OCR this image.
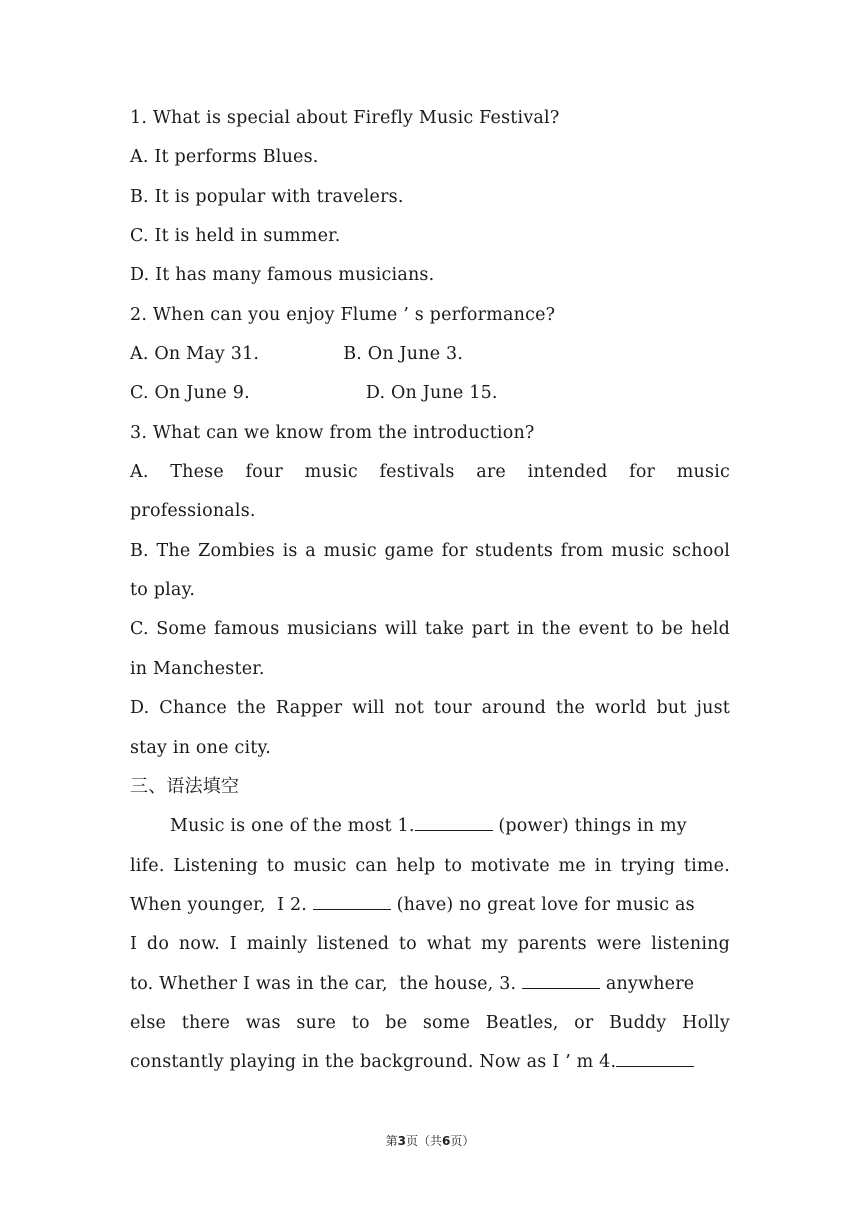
1. What is special about Firefly Music Festival?
A. It performs Blues.
B. It is popular with travelers.
C. It is held in summer.
D. It has many famous musicians.
2. When can you enjoy Flume ’ s performance?
A. On May 31.	B. On June 3.
C. On June 9.	D. On June 15.
3. What can we know from the introduction?
A. These four music festivals are intended for music
professionals.
B. The Zombies is a music game for students from music school
to play.
C. Some famous musicians will take part in the event to be held
in Manchester.
D. Chance the Rapper will not tour around the world but just
stay in one city.
三、语法填空
Music is one of the most 1.	(power) things in my
life. Listening to music can help to motivate me in trying time.
When younger,  I 2.	(have) no great love for music as
I do now. I mainly listened to what my parents were listening
to. Whether I was in the car,  the house, 3.	anywhere
else there was sure to be some Beatles, or Buddy Holly
constantly playing in the background. Now as I ’ m 4.
第3页（共6页）
